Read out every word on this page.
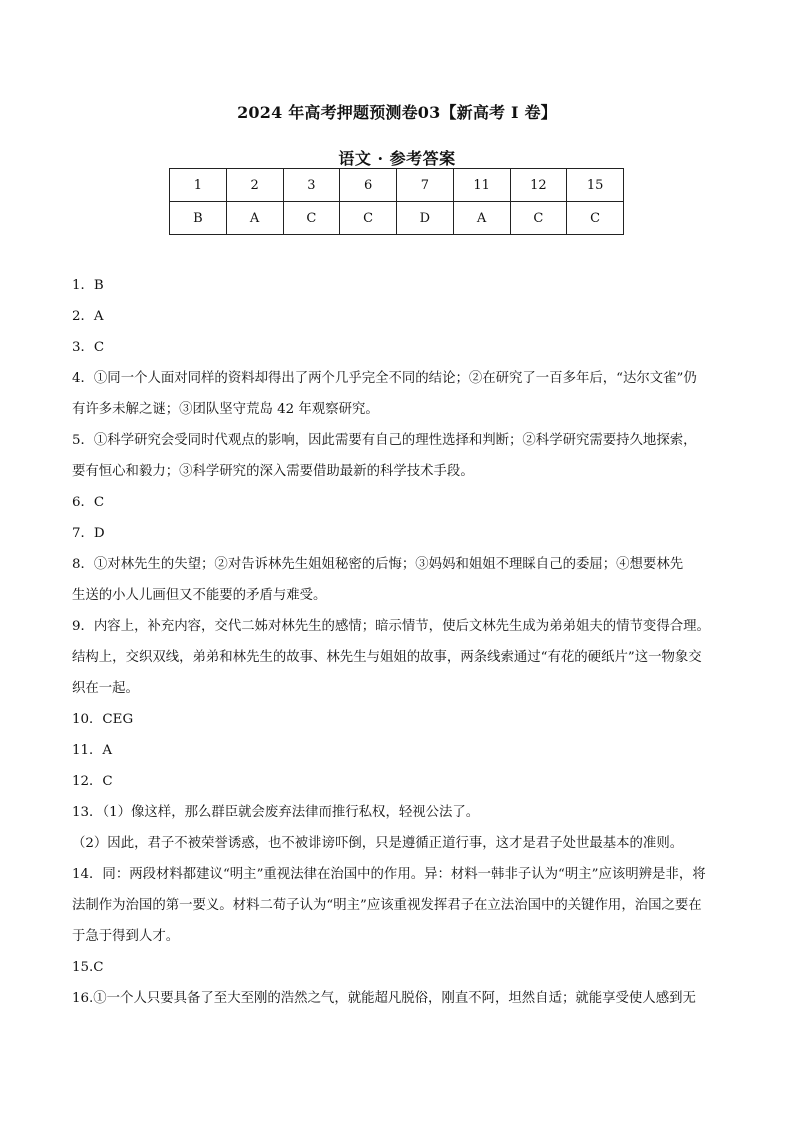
2024 年高考押题预测卷03【新高考 I 卷】
语文 · 参考答案
1	2	3	6	7	11	12	15
B	A	C	C	D	A	C	C
1．B
2．A
3．C
4．①同一个人面对同样的资料却得出了两个几乎完全不同的结论；②在研究了一百多年后，“达尔文雀”仍
有许多未解之谜；③团队坚守荒岛 42 年观察研究。
5．①科学研究会受同时代观点的影响，因此需要有自己的理性选择和判断；②科学研究需要持久地探索，
要有恒心和毅力；③科学研究的深入需要借助最新的科学技术手段。
6．C
7．D
8．①对林先生的失望；②对告诉林先生姐姐秘密的后悔；③妈妈和姐姐不理睬自己的委屈；④想要林先
生送的小人儿画但又不能要的矛盾与难受。
9．内容上，补充内容，交代二姊对林先生的感情；暗示情节，使后文林先生成为弟弟姐夫的情节变得合理。
结构上，交织双线，弟弟和林先生的故事、林先生与姐姐的故事，两条线索通过“有花的硬纸片”这一物象交
织在一起。
10．CEG
11．A
12．C
13．（1）像这样，那么群臣就会废弃法律而推行私权，轻视公法了。
（2）因此，君子不被荣誉诱惑，也不被诽谤吓倒，只是遵循正道行事，这才是君子处世最基本的准则。
14．同：两段材料都建议“明主”重视法律在治国中的作用。异：材料一韩非子认为“明主”应该明辨是非，将
法制作为治国的第一要义。材料二荀子认为“明主”应该重视发挥君子在立法治国中的关键作用，治国之要在
于急于得到人才。
15.C
16.①一个人只要具备了至大至刚的浩然之气，就能超凡脱俗，刚直不阿，坦然自适；就能享受使人感到无
